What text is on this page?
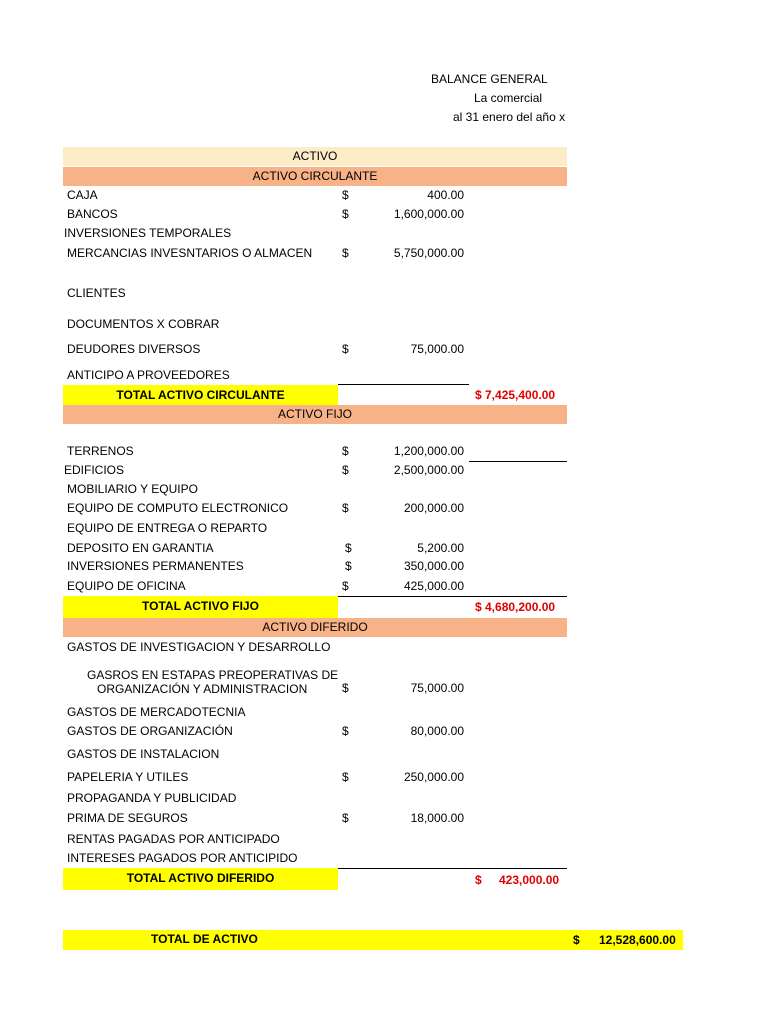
BALANCE GENERAL
La comercial
al 31 enero del año x
ACTIVO
ACTIVO CIRCULANTE
CAJA	$	400.00
BANCOS	$	1,600,000.00
INVERSIONES TEMPORALES
MERCANCIAS INVESNTARIOS O ALMACEN $	5,750,000.00
CLIENTES
DOCUMENTOS X COBRAR
DEUDORES DIVERSOS	$	75,000.00
ANTICIPO A PROVEEDORES
TOTAL ACTIVO CIRCULANTE	$ 7,425,400.00
ACTIVO FIJO
TERRENOS	$	1,200,000.00
EDIFICIOS	$	2,500,000.00
MOBILIARIO Y EQUIPO
EQUIPO DE COMPUTO ELECTRONICO	$	200,000.00
EQUIPO DE ENTREGA O REPARTO
DEPOSITO EN GARANTIA	$	5,200.00
INVERSIONES PERMANENTES	$	350,000.00
EQUIPO DE OFICINA	$	425,000.00
TOTAL ACTIVO FIJO	$ 4,680,200.00
ACTIVO DIFERIDO
GASTOS DE INVESTIGACION Y DESARROLLO
GASROS EN ESTAPAS PREOPERATIVAS DE
ORGANIZACIÓN Y ADMINISTRACION	$	75,000.00
GASTOS DE MERCADOTECNIA
GASTOS DE ORGANIZACIÓN	$	80,000.00
GASTOS DE INSTALACION
PAPELERIA Y UTILES	$	250,000.00
PROPAGANDA Y PUBLICIDAD
PRIMA DE SEGUROS	$	18,000.00
RENTAS PAGADAS POR ANTICIPADO
INTERESES PAGADOS POR ANTICIPIDO
TOTAL ACTIVO DIFERIDO	$ 423,000.00
TOTAL DE ACTIVO	$ 12,528,600.00
